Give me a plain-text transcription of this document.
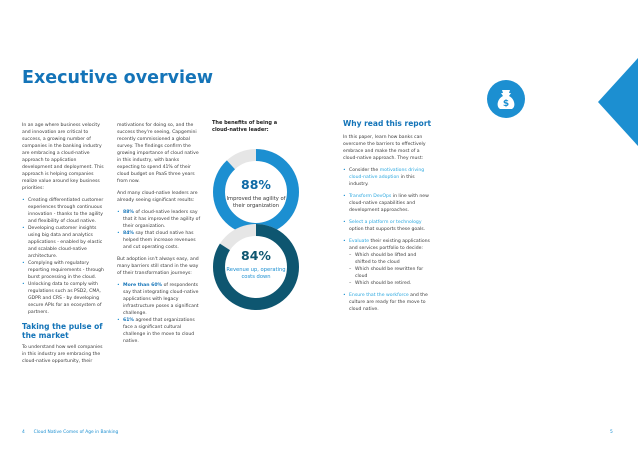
$
Executive overview

In an age where business velocity and innovation are critical to success, a growing number of companies in the banking industry are embracing a cloud-native approach to application development and deployment. This approach is helping companies realize value around key business priorities:

• Creating differentiated customer experiences through continuous innovation - thanks to the agility and flexibility of cloud native.
• Developing customer insights using big data and analytics applications - enabled by elastic and scalable cloud-native architecture.
• Complying with regulatory reporting requirements - through burst processing in the cloud.
• Unlocking data to comply with regulations such as PSD2, CMA, GDPR and CRS - by developing secure APIs for an ecosystem of partners.
Taking the pulse of the market

To understand how well companies in this industry are embracing the cloud-native opportunity, their

motivations for doing so, and the success they're seeing, Capgemini recently commissioned a global survey. The findings confirm the growing importance of cloud native in this industry, with banks expecting to spend 41% of their cloud budget on PaaS three years from now.

And many cloud-native leaders are already seeing significant results:

• 88% of cloud-native leaders say that it has improved the agility of their organization.
• 84% say that cloud native has helped them increase revenues and cut operating costs.

But adoption isn't always easy, and many barriers still stand in the way of their transformation journeys:

• More than 60% of respondents say that integrating cloud-native applications with legacy infrastructure poses a significant challenge.
• 61% agreed that organizations face a significant cultural challenge in the move to cloud native.
The benefits of being a cloud-native leader:
88%
Improved the agility of their organization
84%
Revenue up, operating costs down
Why read this report

In this paper, learn how banks can overcome the barriers to effectively embrace and make the most of a cloud-native approach. They must:

• Consider the motivations driving cloud-native adoption in this industry.
• Transform DevOps in line with new cloud-native capabilities and development approaches.
• Select a platform or technology option that supports these goals.
• Evaluate their existing applications and services portfolio to decide:
– Which should be lifted and shifted to the cloud
– Which should be rewritten for cloud
– Which should be retired.
• Ensure that the workforce and the culture are ready for the move to cloud native.
4 Cloud Native Comes of Age in Banking	5
